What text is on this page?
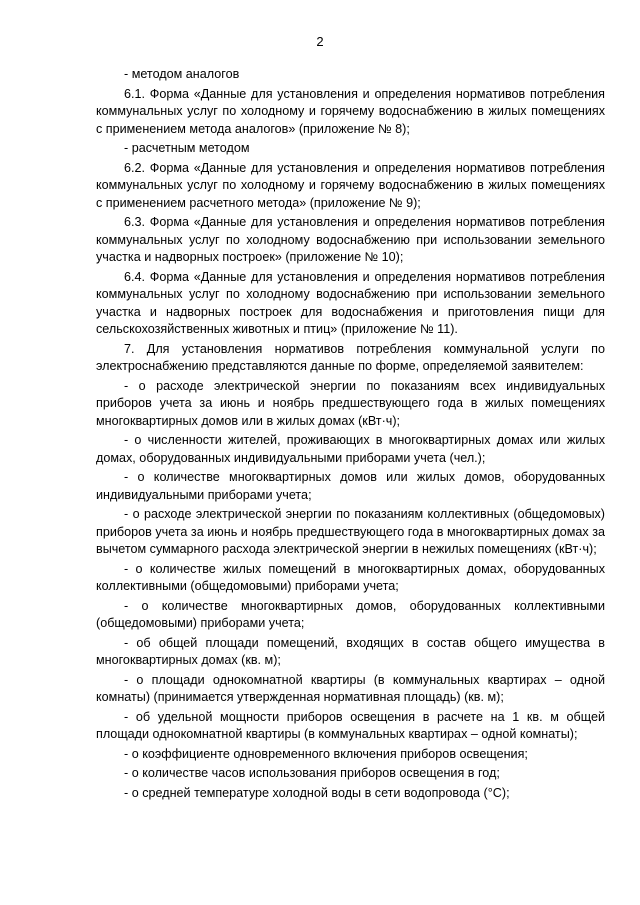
2

- методом аналогов

6.1. Форма «Данные для установления и определения нормативов потребления коммунальных услуг по холодному и горячему водоснабжению в жилых помещениях с применением метода аналогов» (приложение № 8);

- расчетным методом

6.2. Форма «Данные для установления и определения нормативов потребления коммунальных услуг по холодному и горячему водоснабжению в жилых помещениях с применением расчетного метода» (приложение № 9);

6.3. Форма «Данные для установления и определения нормативов потребления коммунальных услуг по холодному водоснабжению при использовании земельного участка и надворных построек» (приложение № 10);

6.4. Форма «Данные для установления и определения нормативов потребления коммунальных услуг по холодному водоснабжению при использовании земельного участка и надворных построек для водоснабжения и приготовления пищи для сельскохозяйственных животных и птиц» (приложение № 11).

7. Для установления нормативов потребления коммунальной услуги по электроснабжению представляются данные по форме, определяемой заявителем:

- о расходе электрической энергии по показаниям всех индивидуальных приборов учета за июнь и ноябрь предшествующего года в жилых помещениях многоквартирных домов или в жилых домах (кВт·ч);

- о численности жителей, проживающих в многоквартирных домах или жилых домах, оборудованных индивидуальными приборами учета (чел.);

- о количестве многоквартирных домов или жилых домов, оборудованных индивидуальными приборами учета;

- о расходе электрической энергии по показаниям коллективных (общедомовых) приборов учета за июнь и ноябрь предшествующего года в многоквартирных домах за вычетом суммарного расхода электрической энергии в нежилых помещениях (кВт·ч);

- о количестве жилых помещений в многоквартирных домах, оборудованных коллективными (общедомовыми) приборами учета;

- о количестве многоквартирных домов, оборудованных коллективными (общедомовыми) приборами учета;

- об общей площади помещений, входящих в состав общего имущества в многоквартирных домах (кв. м);

- о площади однокомнатной квартиры (в коммунальных квартирах – одной комнаты) (принимается утвержденная нормативная площадь) (кв. м);

- об удельной мощности приборов освещения в расчете на 1 кв. м общей площади однокомнатной квартиры (в коммунальных квартирах – одной комнаты);

- о коэффициенте одновременного включения приборов освещения;

- о количестве часов использования приборов освещения в год;

- о средней температуре холодной воды в сети водопровода (°С);
